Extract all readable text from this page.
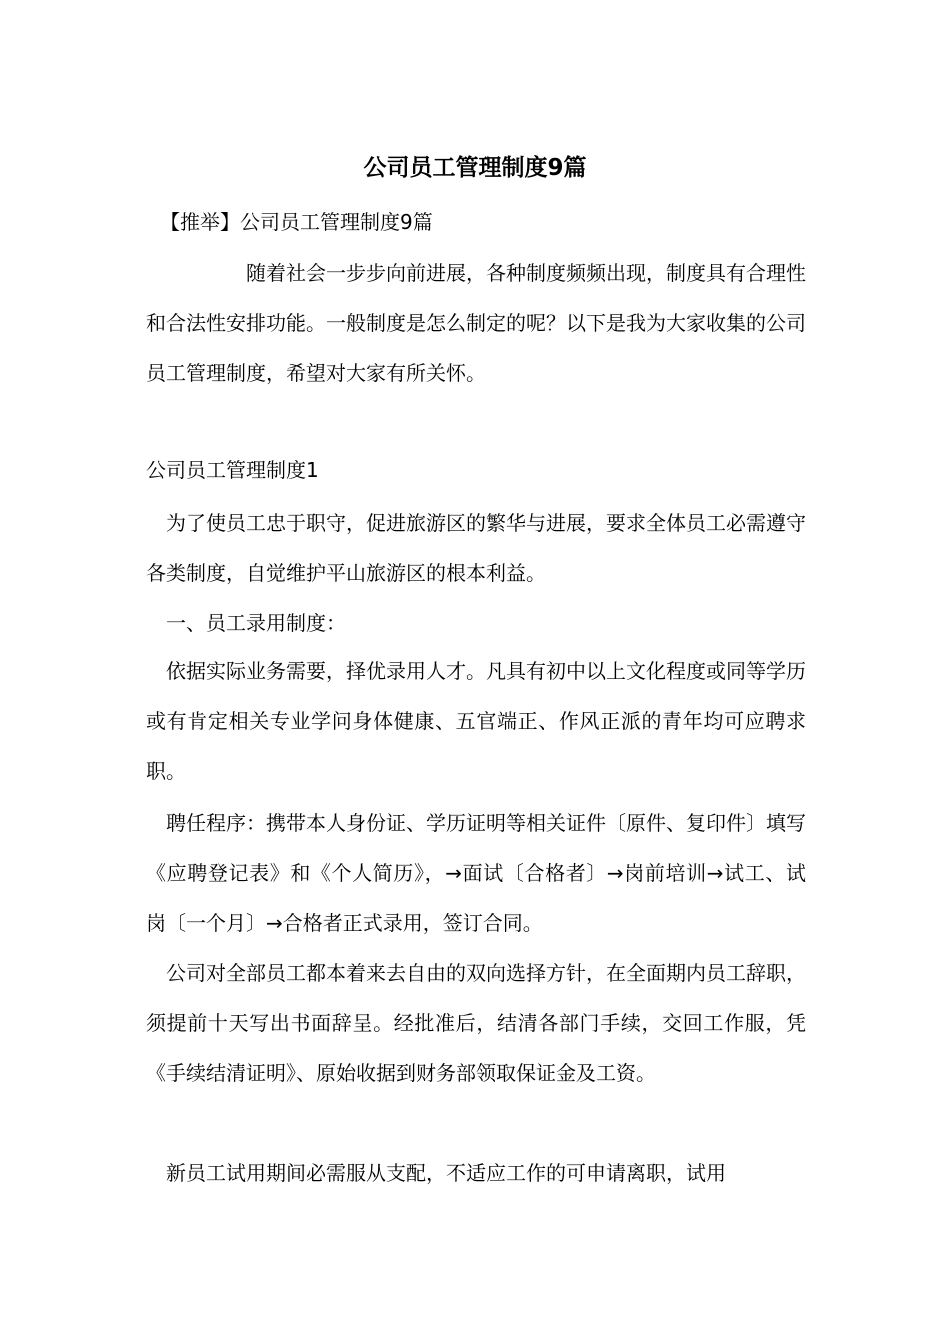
公司员工管理制度9篇

【推举】公司员工管理制度9篇

随着社会一步步向前进展，各种制度频频出现，制度具有合理性和合法性安排功能。一般制度是怎么制定的呢？以下是我为大家收集的公司员工管理制度，希望对大家有所关怀。

公司员工管理制度1

为了使员工忠于职守，促进旅游区的繁华与进展，要求全体员工必需遵守各类制度，自觉维护平山旅游区的根本利益。

一、员工录用制度：

依据实际业务需要，择优录用人才。凡具有初中以上文化程度或同等学历或有肯定相关专业学问身体健康、五官端正、作风正派的青年均可应聘求职。

聘任程序：携带本人身份证、学历证明等相关证件〔原件、复印件〕填写《应聘登记表》和《个人简历》，→面试〔合格者〕→岗前培训→试工、试岗〔一个月〕→合格者正式录用，签订合同。

公司对全部员工都本着来去自由的双向选择方针，在全面期内员工辞职，须提前十天写出书面辞呈。经批准后，结清各部门手续，交回工作服，凭《手续结清证明》、原始收据到财务部领取保证金及工资。

新员工试用期间必需服从支配，不适应工作的可申请离职，试用
